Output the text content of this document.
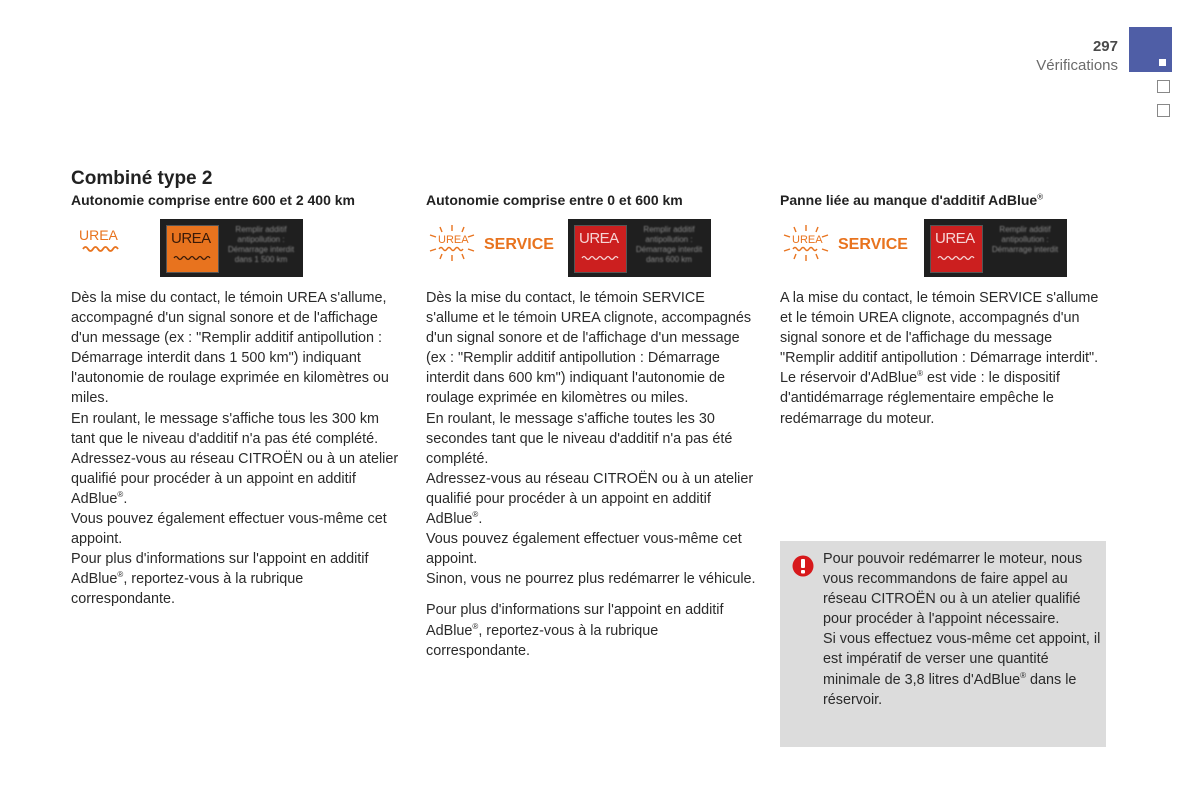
297
Vérifications
Combiné type 2
Autonomie comprise entre 600 et 2 400 km
UREA	UREA
Remplir additif antipollution : Démarrage interdit dans 1 500 km

Dès la mise du contact, le témoin UREA s'allume, accompagné d'un signal sonore et de l'affichage d'un message (ex : "Remplir additif antipollution : Démarrage interdit dans 1 500 km") indiquant l'autonomie de roulage exprimée en kilomètres ou miles.

En roulant, le message s'affiche tous les 300 km tant que le niveau d'additif n'a pas été complété.

Adressez-vous au réseau CITROËN ou à un atelier qualifié pour procéder à un appoint en additif AdBlue®.

Vous pouvez également effectuer vous-même cet appoint.

Pour plus d'informations sur l'appoint en additif AdBlue®, reportez-vous à la rubrique correspondante.

Autonomie comprise entre 0 et 600 km
UREA SERVICE UREA
Remplir additif antipollution : Démarrage interdit dans 600 km

Dès la mise du contact, le témoin SERVICE s'allume et le témoin UREA clignote, accompagnés d'un signal sonore et de l'affichage d'un message (ex : "Remplir additif antipollution : Démarrage interdit dans 600 km") indiquant l'autonomie de roulage exprimée en kilomètres ou miles.

En roulant, le message s'affiche toutes les 30 secondes tant que le niveau d'additif n'a pas été complété.

Adressez-vous au réseau CITROËN ou à un atelier qualifié pour procéder à un appoint en additif AdBlue®.

Vous pouvez également effectuer vous-même cet appoint.

Sinon, vous ne pourrez plus redémarrer le véhicule.

Pour plus d'informations sur l'appoint en additif AdBlue®, reportez-vous à la rubrique correspondante.

Panne liée au manque d'additif AdBlue®
UREA SERVICE UREA
Remplir additif antipollution : Démarrage interdit

A la mise du contact, le témoin SERVICE s'allume et le témoin UREA clignote, accompagnés d'un signal sonore et de l'affichage du message "Remplir additif antipollution : Démarrage interdit".

Le réservoir d'AdBlue® est vide : le dispositif d'antidémarrage réglementaire empêche le redémarrage du moteur.

Pour pouvoir redémarrer le moteur, nous vous recommandons de faire appel au réseau CITROËN ou à un atelier qualifié pour procéder à l'appoint nécessaire.

Si vous effectuez vous-même cet appoint, il est impératif de verser une quantité minimale de 3,8 litres d'AdBlue® dans le réservoir.
